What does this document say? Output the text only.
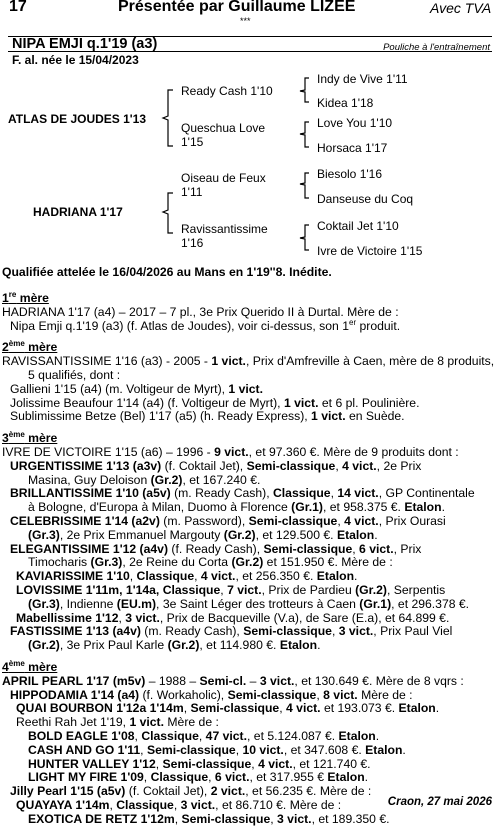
17	Présentée par Guillaume LIZEE	Avec TVA
***
NIPA EMJI q.1'19 (a3)	Pouliche à l'entraînement
F. al. née le 15/04/2023
ATLAS DE JOUDES 1'13
HADRIANA 1'17
Ready Cash 1'10
Queschua Love 1'15
Oiseau de Feux 1'11
Ravissantissime 1'16
Indy de Vive 1'11
Kidea 1'18
Love You 1'10
Horsaca 1'17
Biesolo 1'16
Danseuse du Coq
Coktail Jet 1'10
Ivre de Victoire 1'15
Qualifiée attelée le 16/04/2026 au Mans en 1'19''8. Inédite.
1re mère
HADRIANA 1'17 (a4) – 2017 – 7 pl., 3e Prix Querido II à Durtal. Mère de :
Nipa Emji q.1'19 (a3) (f. Atlas de Joudes), voir ci-dessus, son 1er produit.
2ème mère
RAVISSANTISSIME 1'16 (a3) - 2005 - 1 vict., Prix d'Amfreville à Caen, mère de 8 produits,
5 qualifiés, dont :
Gallieni 1'15 (a4) (m. Voltigeur de Myrt), 1 vict.
Jolissime Beaufour 1'14 (a4) (f. Voltigeur de Myrt), 1 vict. et 6 pl. Poulinière.
Sublimissime Betze (Bel) 1'17 (a5) (h. Ready Express), 1 vict. en Suède.
3ème mère
IVRE DE VICTOIRE 1'15 (a6) – 1996 - 9 vict., et 97.360 €. Mère de 9 produits dont :
URGENTISSIME 1'13 (a3v) (f. Coktail Jet), Semi-classique, 4 vict., 2e Prix
Masina, Guy Deloison (Gr.2), et 167.240 €.
BRILLANTISSIME 1'10 (a5v) (m. Ready Cash), Classique, 14 vict., GP Continentale
à Bologne, d'Europa à Milan, Duomo à Florence (Gr.1), et 958.375 €. Etalon.
CELEBRISSIME 1'14 (a2v) (m. Password), Semi-classique, 4 vict., Prix Ourasi
(Gr.3), 2e Prix Emmanuel Margouty (Gr.2), et 129.500 €. Etalon.
ELEGANTISSIME 1'12 (a4v) (f. Ready Cash), Semi-classique, 6 vict., Prix
Timocharis (Gr.3), 2e Reine du Corta (Gr.2) et 151.950 €. Mère de :
KAVIARISSIME 1'10, Classique, 4 vict., et 256.350 €. Etalon.
LOVISSIME 1'11m, 1'14a, Classique, 7 vict., Prix de Pardieu (Gr.2), Serpentis
(Gr.3), Indienne (EU.m), 3e Saint Léger des trotteurs à Caen (Gr.1), et 296.378 €.
Mabellissime 1'12, 3 vict., Prix de Bacqueville (V.a), de Sare (E.a), et 64.899 €.
FASTISSIME 1'13 (a4v) (m. Ready Cash), Semi-classique, 3 vict., Prix Paul Viel
(Gr.2), 3e Prix Paul Karle (Gr.2), et 114.980 €. Etalon.
4ème mère
APRIL PEARL 1'17 (m5v) – 1988 – Semi-cl. – 3 vict., et 130.649 €. Mère de 8 vqrs :
HIPPODAMIA 1'14 (a4) (f. Workaholic), Semi-classique, 8 vict. Mère de :
QUAI BOURBON 1'12a 1'14m, Semi-classique, 4 vict. et 193.073 €. Etalon.
Reethi Rah Jet 1'19, 1 vict. Mère de :
BOLD EAGLE 1'08, Classique, 47 vict., et 5.124.087 €. Etalon.
CASH AND GO 1'11, Semi-classique, 10 vict., et 347.608 €. Etalon.
HUNTER VALLEY 1'12, Semi-classique, 4 vict., et 121.740 €.
LIGHT MY FIRE 1'09, Classique, 6 vict., et 317.955 € Etalon.
Jilly Pearl 1'15 (a5v) (f. Coktail Jet), 2 vict., et 56.235 €. Mère de :
QUAYAYA 1'14m, Classique, 3 vict., et 86.710 €. Mère de :
EXOTICA DE RETZ 1'12m, Semi-classique, 3 vict., et 189.350 €.
Craon, 27 mai 2026
